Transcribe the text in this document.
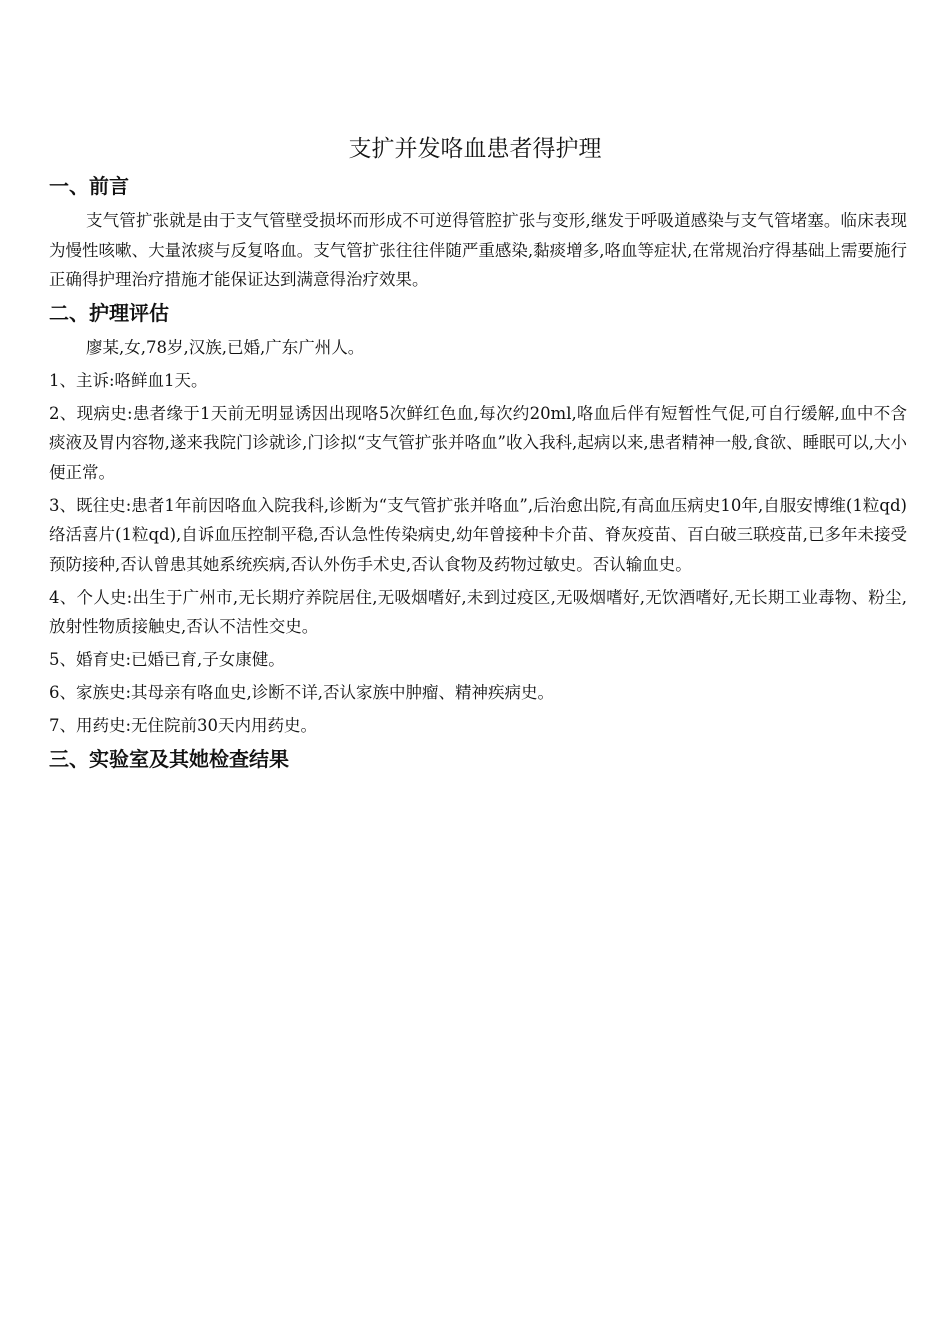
支扩并发咯血患者得护理
一、前言

支气管扩张就是由于支气管壁受损坏而形成不可逆得管腔扩张与变形,继发于呼吸道感染与支气管堵塞。临床表现为慢性咳嗽、大量浓痰与反复咯血。支气管扩张往往伴随严重感染,黏痰增多,咯血等症状,在常规治疗得基础上需要施行正确得护理治疗措施才能保证达到满意得治疗效果。

二、护理评估

廖某,女,78岁,汉族,已婚,广东广州人。

1、主诉:咯鲜血1天。

2、现病史:患者缘于1天前无明显诱因出现咯5次鲜红色血,每次约20ml,咯血后伴有短暂性气促,可自行缓解,血中不含痰液及胃内容物,遂来我院门诊就诊,门诊拟“支气管扩张并咯血”收入我科,起病以来,患者精神一般,食欲、睡眠可以,大小便正常。

3、既往史:患者1年前因咯血入院我科,诊断为“支气管扩张并咯血”,后治愈出院,有高血压病史10年,自服安博维(1粒qd)络活喜片(1粒qd),自诉血压控制平稳,否认急性传染病史,幼年曾接种卡介苗、脊灰疫苗、百白破三联疫苗,已多年未接受预防接种,否认曾患其她系统疾病,否认外伤手术史,否认食物及药物过敏史。否认输血史。

4、个人史:出生于广州市,无长期疗养院居住,无吸烟嗜好,未到过疫区,无吸烟嗜好,无饮酒嗜好,无长期工业毒物、粉尘,放射性物质接触史,否认不洁性交史。

5、婚育史:已婚已育,子女康健。

6、家族史:其母亲有咯血史,诊断不详,否认家族中肿瘤、精神疾病史。

7、用药史:无住院前30天内用药史。

三、实验室及其她检查结果
